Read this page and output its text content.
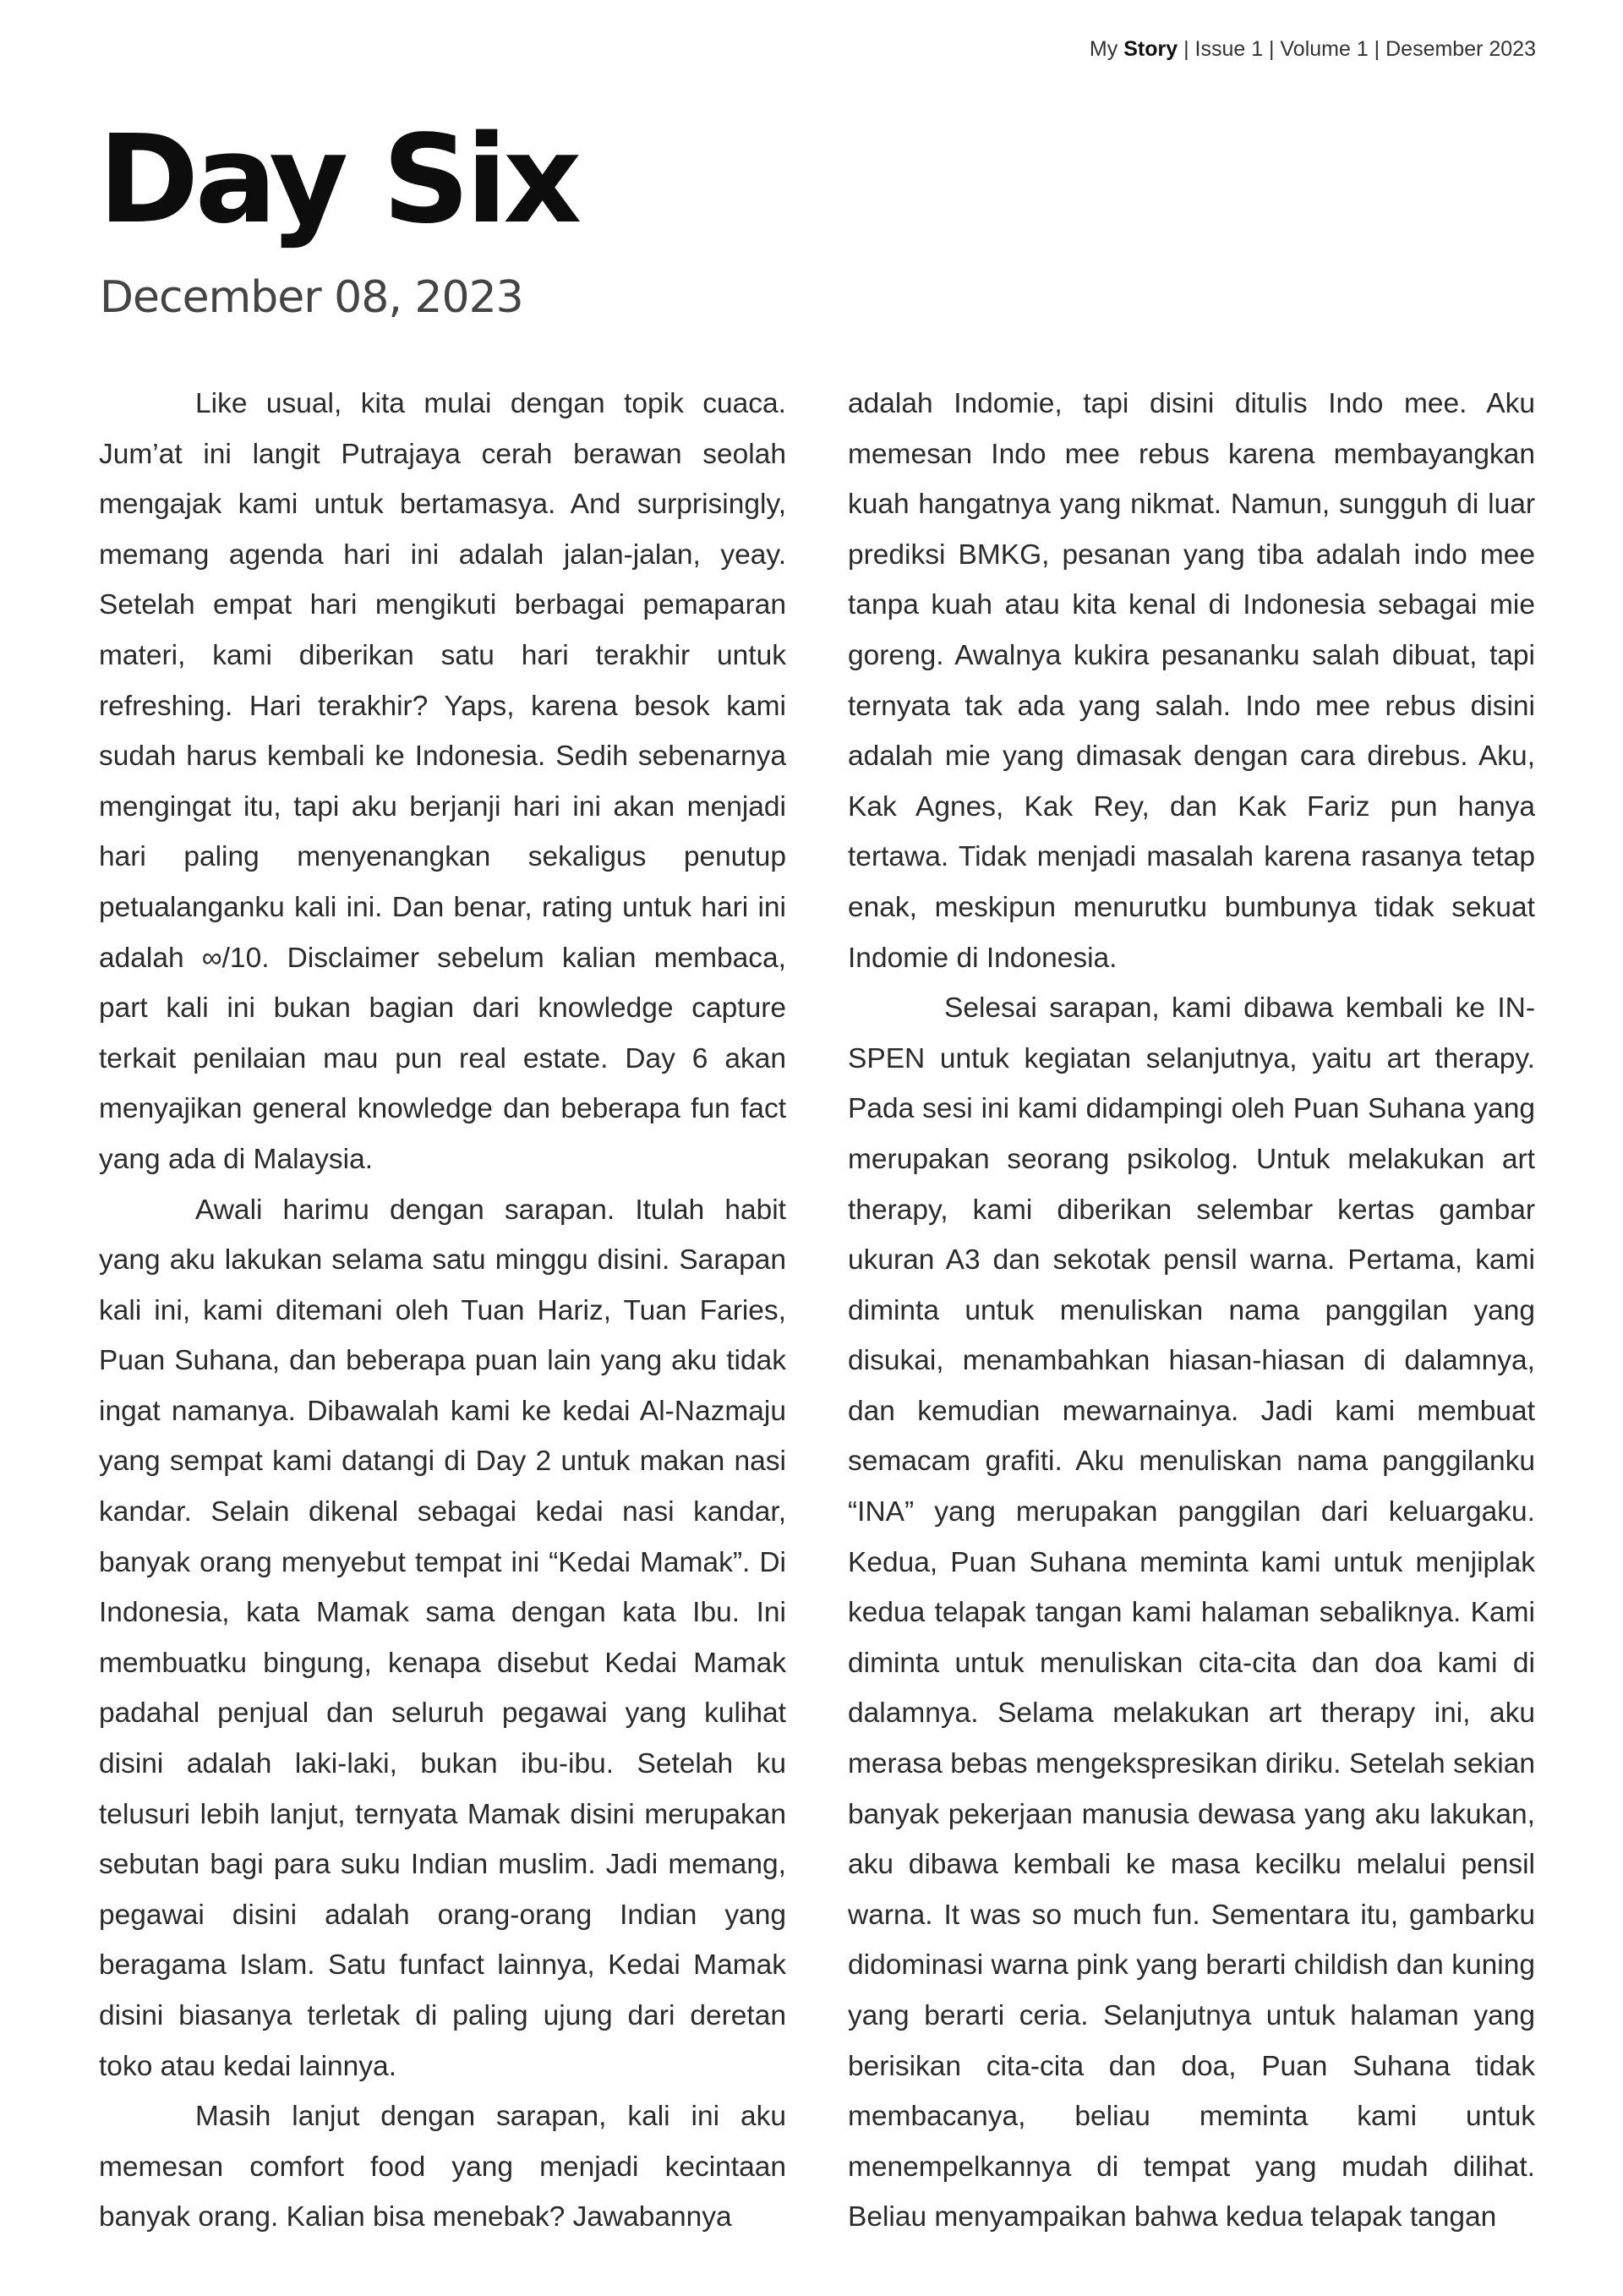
My Story | Issue 1 | Volume 1 | Desember 2023
Day Six
December 08, 2023

Like usual, kita mulai dengan topik cuaca. Jum’at ini langit Putrajaya cerah berawan seolah mengajak kami untuk bertamasya. And surprisingly, memang agenda hari ini adalah jalan-jalan, yeay. Setelah empat hari mengikuti berbagai pemaparan materi, kami diberikan satu hari terakhir untuk refreshing. Hari terakhir? Yaps, karena besok kami sudah harus kembali ke Indonesia. Sedih sebenarnya mengingat itu, tapi aku berjanji hari ini akan menjadi hari paling menyenangkan sekaligus penutup petualanganku kali ini. Dan benar, rating untuk hari ini adalah ∞/10. Disclaimer sebelum kalian membaca, part kali ini bukan bagian dari knowledge capture terkait penilaian mau pun real estate. Day 6 akan menyajikan general knowledge dan beberapa fun fact yang ada di Malaysia.

Awali harimu dengan sarapan. Itulah habit yang aku lakukan selama satu minggu disini. Sarapan kali ini, kami ditemani oleh Tuan Hariz, Tuan Faries, Puan Suhana, dan beberapa puan lain yang aku tidak ingat namanya. Dibawalah kami ke kedai Al-Nazmaju yang sempat kami datangi di Day 2 untuk makan nasi kandar. Selain dikenal sebagai kedai nasi kandar, banyak orang menyebut tempat ini “Kedai Mamak”. Di Indonesia, kata Mamak sama dengan kata Ibu. Ini membuatku bingung, kenapa disebut Kedai Mamak padahal penjual dan seluruh pegawai yang kulihat disini adalah laki-laki, bukan ibu-ibu. Setelah ku telusuri lebih lanjut, ternyata Mamak disini merupakan sebutan bagi para suku Indian muslim. Jadi memang, pegawai disini adalah orang-orang Indian yang beragama Islam. Satu funfact lainnya, Kedai Mamak disini biasanya terletak di paling ujung dari deretan toko atau kedai lainnya.

Masih lanjut dengan sarapan, kali ini aku memesan comfort food yang menjadi kecintaan banyak orang. Kalian bisa menebak? Jawabannya

adalah Indomie, tapi disini ditulis Indo mee. Aku memesan Indo mee rebus karena membayangkan kuah hangatnya yang nikmat. Namun, sungguh di luar prediksi BMKG, pesanan yang tiba adalah indo mee tanpa kuah atau kita kenal di Indonesia sebagai mie goreng. Awalnya kukira pesananku salah dibuat, tapi ternyata tak ada yang salah. Indo mee rebus disini adalah mie yang dimasak dengan cara direbus. Aku, Kak Agnes, Kak Rey, dan Kak Fariz pun hanya tertawa. Tidak menjadi masalah karena rasanya tetap enak, meskipun menurutku bumbunya tidak sekuat Indomie di Indonesia.

Selesai sarapan, kami dibawa kembali ke INSPEN untuk kegiatan selanjutnya, yaitu art therapy. Pada sesi ini kami didampingi oleh Puan Suhana yang merupakan seorang psikolog. Untuk melakukan art therapy, kami diberikan selembar kertas gambar ukuran A3 dan sekotak pensil warna. Pertama, kami diminta untuk menuliskan nama panggilan yang disukai, menambahkan hiasan-hiasan di dalamnya, dan kemudian mewarnainya. Jadi kami membuat semacam grafiti. Aku menuliskan nama panggilanku “INA” yang merupakan panggilan dari keluargaku. Kedua, Puan Suhana meminta kami untuk menjiplak kedua telapak tangan kami halaman sebaliknya. Kami diminta untuk menuliskan cita-cita dan doa kami di dalamnya. Selama melakukan art therapy ini, aku merasa bebas mengekspresikan diriku. Setelah sekian banyak pekerjaan manusia dewasa yang aku lakukan, aku dibawa kembali ke masa kecilku melalui pensil warna. It was so much fun. Sementara itu, gambarku didominasi warna pink yang berarti childish dan kuning yang berarti ceria. Selanjutnya untuk halaman yang berisikan cita-cita dan doa, Puan Suhana tidak membacanya, beliau meminta kami untuk menempelkannya di tempat yang mudah dilihat. Beliau menyampaikan bahwa kedua telapak tangan
